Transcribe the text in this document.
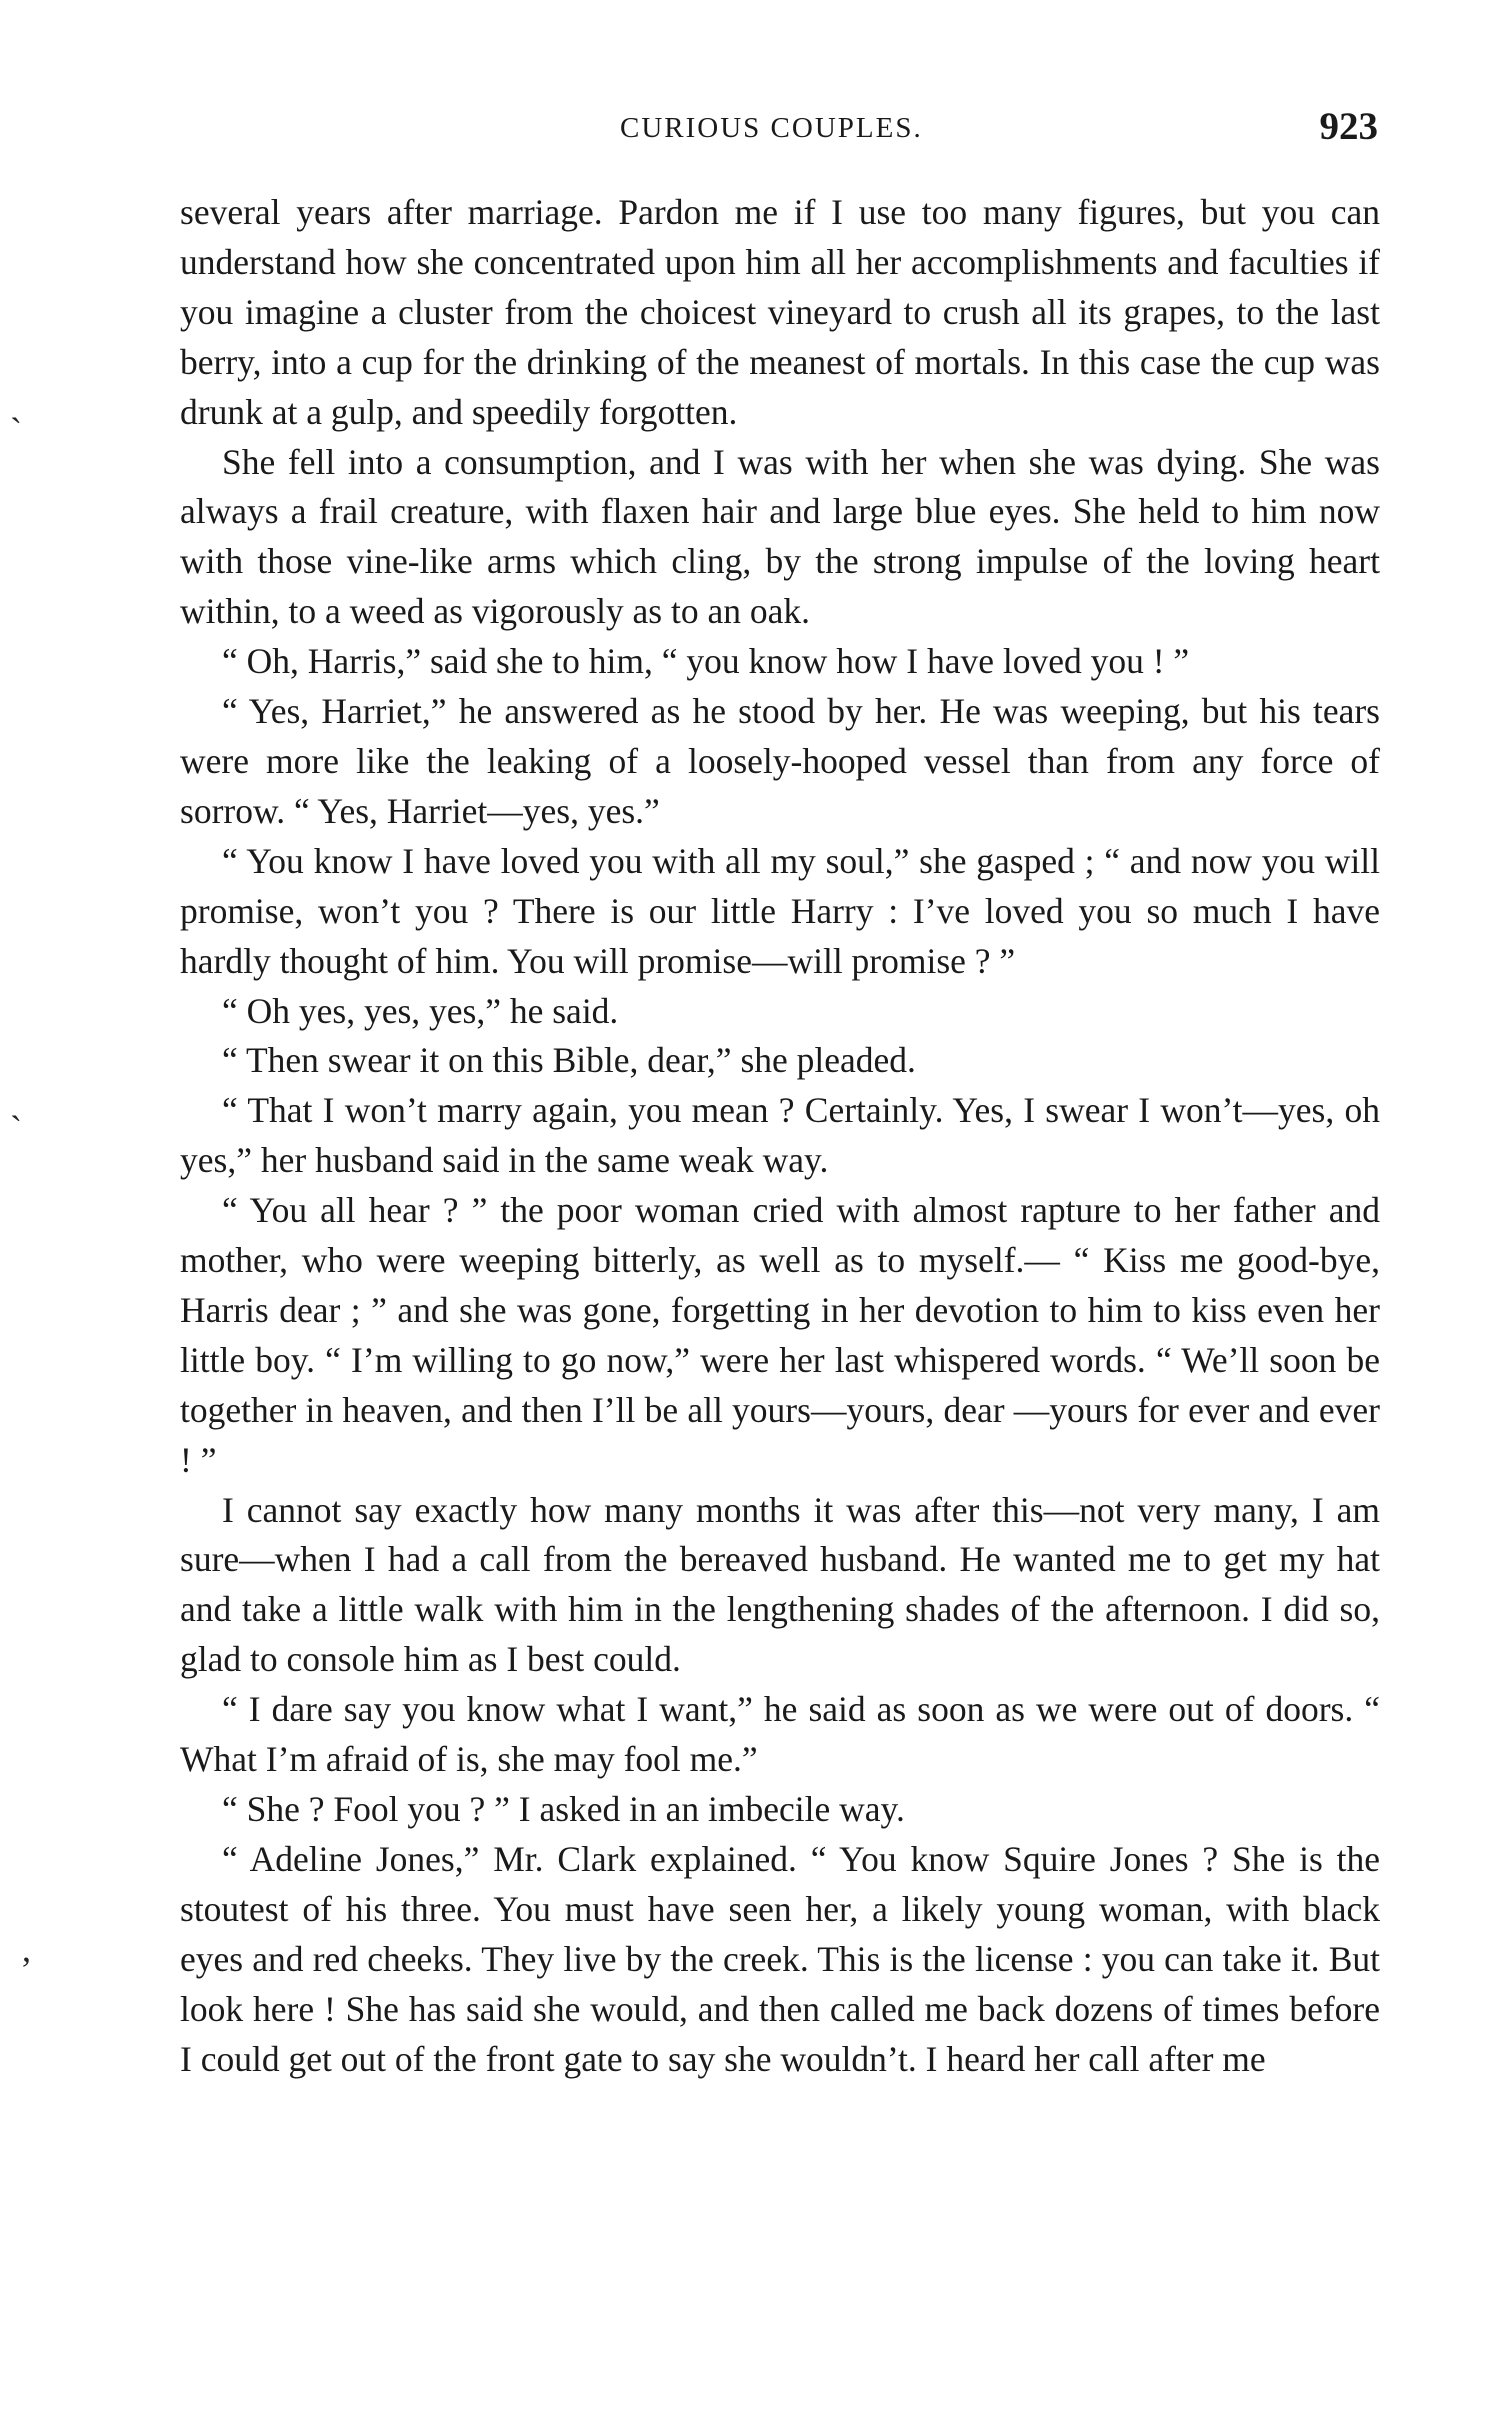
CURIOUS COUPLES.	923
ˎ
ˎ
,

several years after marriage. Pardon me if I use too many figures, but you can understand how she concentrated upon him all her accomplishments and faculties if you imagine a cluster from the choicest vineyard to crush all its grapes, to the last berry, into a cup for the drinking of the meanest of mortals. In this case the cup was drunk at a gulp, and speedily forgotten.

She fell into a consumption, and I was with her when she was dying. She was always a frail creature, with flaxen hair and large blue eyes. She held to him now with those vine-like arms which cling, by the strong impulse of the loving heart within, to a weed as vigorously as to an oak.

“ Oh, Harris,” said she to him, “ you know how I have loved you ! ”

“ Yes, Harriet,” he answered as he stood by her. He was weeping, but his tears were more like the leaking of a loosely-hooped vessel than from any force of sorrow. “ Yes, Harriet—yes, yes.”

“ You know I have loved you with all my soul,” she gasped ; “ and now you will promise, won’t you ? There is our little Harry : I’ve loved you so much I have hardly thought of him. You will promise—will promise ? ”

“ Oh yes, yes, yes,” he said.

“ Then swear it on this Bible, dear,” she pleaded.

“ That I won’t marry again, you mean ? Certainly. Yes, I swear I won’t—yes, oh yes,” her husband said in the same weak way.

“ You all hear ? ” the poor woman cried with almost rapture to her father and mother, who were weeping bitterly, as well as to myself.— “ Kiss me good-bye, Harris dear ; ” and she was gone, forgetting in her devotion to him to kiss even her little boy. “ I’m willing to go now,” were her last whispered words. “ We’ll soon be together in heaven, and then I’ll be all yours—yours, dear —yours for ever and ever ! ”

I cannot say exactly how many months it was after this—not very many, I am sure—when I had a call from the bereaved husband. He wanted me to get my hat and take a little walk with him in the lengthening shades of the afternoon. I did so, glad to console him as I best could.

“ I dare say you know what I want,” he said as soon as we were out of doors. “ What I’m afraid of is, she may fool me.”

“ She ? Fool you ? ” I asked in an imbecile way.

“ Adeline Jones,” Mr. Clark explained. “ You know Squire Jones ? She is the stoutest of his three. You must have seen her, a likely young woman, with black eyes and red cheeks. They live by the creek. This is the license : you can take it. But look here ! She has said she would, and then called me back dozens of times before I could get out of the front gate to say she wouldn’t. I heard her call after me
